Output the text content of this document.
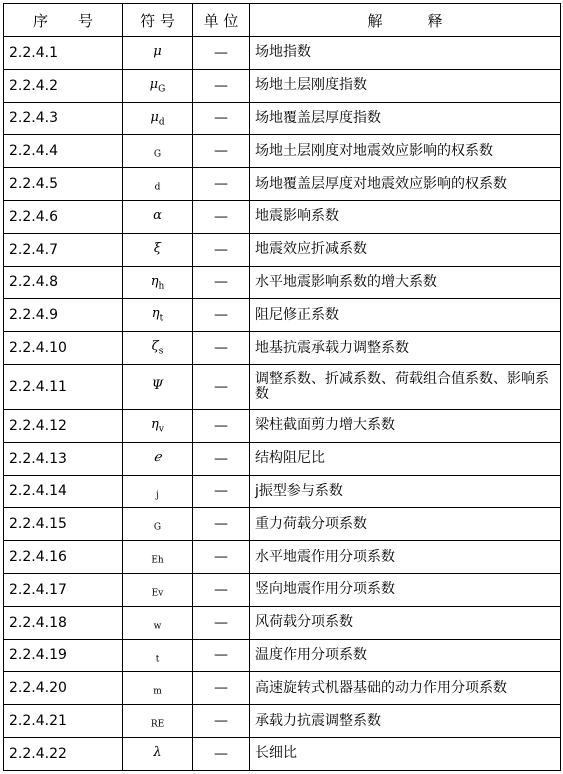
序　　号	符 号	单 位	解　　　释
2.2.4.1	μ	—	场地指数
2.2.4.2	$\mu_G$	—	场地土层刚度指数
2.2.4.3	$\mu_d$	—	场地覆盖层厚度指数
2.2.4.4	$_G$	—	场地土层刚度对地震效应影响的权系数
2.2.4.5	$_d$	—	场地覆盖层厚度对地震效应影响的权系数
2.2.4.6	α	—	地震影响系数
2.2.4.7	ξ	—	地震效应折减系数
2.2.4.8	$\eta_h$	—	水平地震影响系数的增大系数
2.2.4.9	$\eta_t$	—	阻尼修正系数
2.2.4.10	$\zeta_s$	—	地基抗震承载力调整系数
2.2.4.11	Ψ	—	调整系数、折减系数、荷载组合值系数、影响系数
2.2.4.12	$\eta_v$	—	梁柱截面剪力增大系数
2.2.4.13	ℯ	—	结构阻尼比
2.2.4.14	$_j$	—	j振型参与系数
2.2.4.15	$_G$	—	重力荷载分项系数
2.2.4.16	$_{Eh}$	—	水平地震作用分项系数
2.2.4.17	$_{Ev}$	—	竖向地震作用分项系数
2.2.4.18	$_w$	—	风荷载分项系数
2.2.4.19	$_t$	—	温度作用分项系数
2.2.4.20	$_m$	—	高速旋转式机器基础的动力作用分项系数
2.2.4.21	$_{RE}$	—	承载力抗震调整系数
2.2.4.22	λ	—	长细比
